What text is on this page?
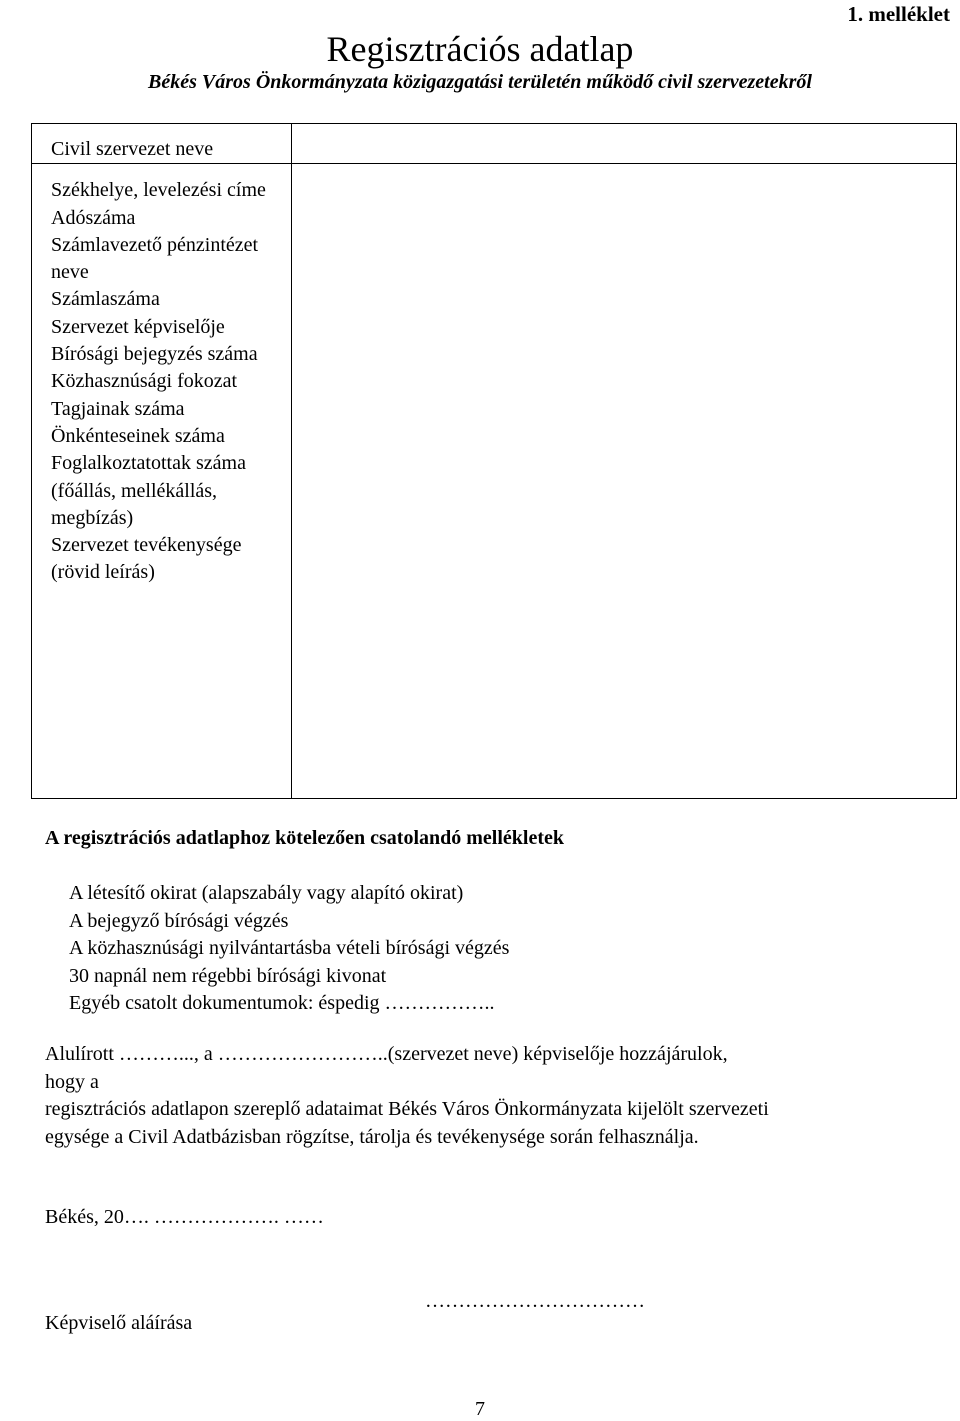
1. melléklet
Regisztrációs adatlap
Békés Város Önkormányzata közigazgatási területén működő civil szervezetekről
Civil szervezet neve
Székhelye, levelezési címe
Adószáma
Számlavezető pénzintézet neve
Számlaszáma
Szervezet képviselője
Bírósági bejegyzés száma
Közhasznúsági fokozat
Tagjainak száma
Önkénteseinek száma
Foglalkoztatottak száma (főállás, mellékállás, megbízás)
Szervezet tevékenysége (rövid leírás)
A regisztrációs adatlaphoz kötelezően csatolandó mellékletek
A létesítő okirat (alapszabály vagy alapító okirat)
A bejegyző bírósági végzés
A közhasznúsági nyilvántartásba vételi bírósági végzés
30 napnál nem régebbi bírósági kivonat
Egyéb csatolt dokumentumok: éspedig ……………..
Alulírott ………..., a ……………………..(szervezet neve) képviselője hozzájárulok,
hogy a
regisztrációs adatlapon szereplő adataimat Békés Város Önkormányzata kijelölt szervezeti
egysége a Civil Adatbázisban rögzítse, tárolja és tevékenysége során felhasználja.
Békés, 20…. ………………. ……
……………………………
Képviselő aláírása
7
